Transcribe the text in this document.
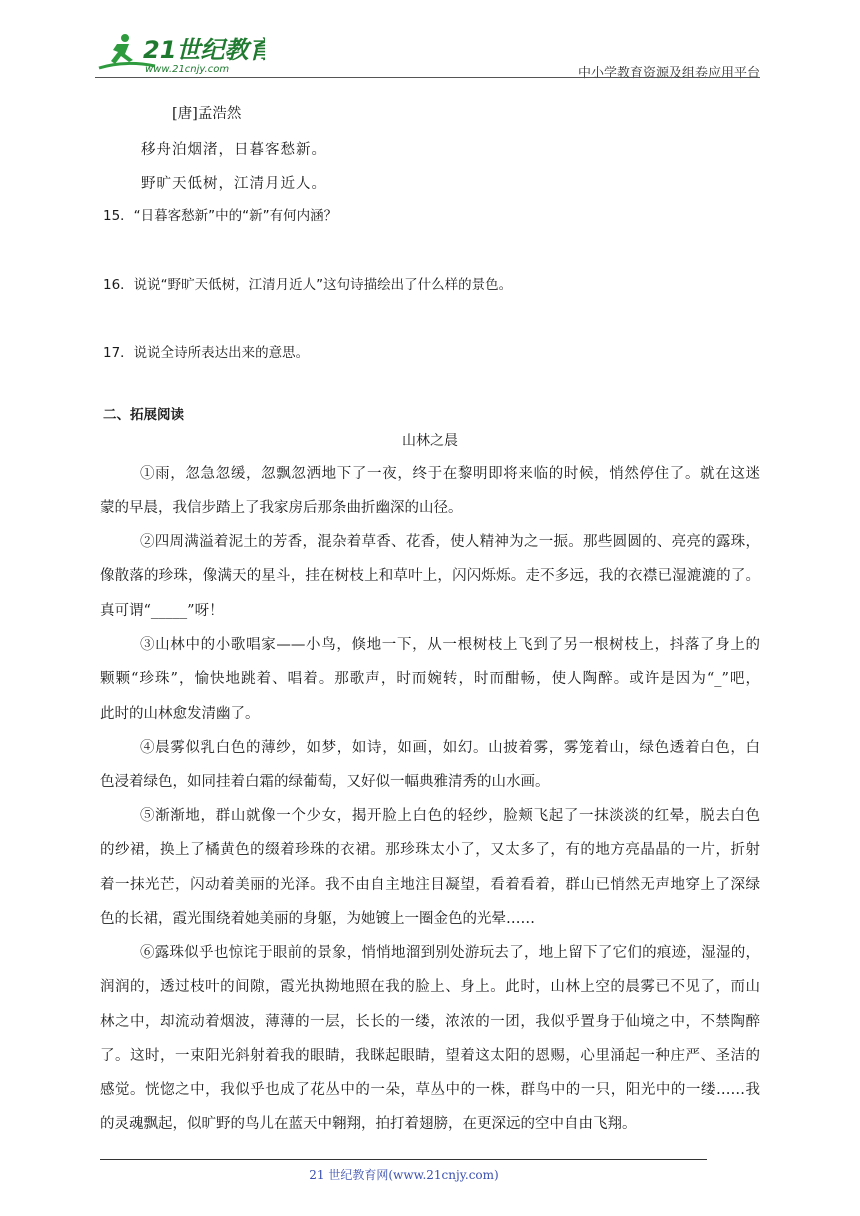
21世纪教育
www.21cnjy.com	中小学教育资源及组卷应用平台
[唐]孟浩然
移舟泊烟渚，日暮客愁新。
野旷天低树，江清月近人。
15．“日暮客愁新”中的“新”有何内涵？
16．说说“野旷天低树，江清月近人”这句诗描绘出了什么样的景色。
17．说说全诗所表达出来的意思。
二、拓展阅读
山林之晨
①雨，忽急忽缓，忽飘忽洒地下了一夜，终于在黎明即将来临的时候，悄然停住了。就在这迷
蒙的早晨，我信步踏上了我家房后那条曲折幽深的山径。
②四周满溢着泥土的芳香，混杂着草香、花香，使人精神为之一振。那些圆圆的、亮亮的露珠，
像散落的珍珠，像满天的星斗，挂在树枝上和草叶上，闪闪烁烁。走不多远，我的衣襟已湿漉漉的了。
真可谓“_____”呀！
③山林中的小歌唱家——小鸟，倏地一下，从一根树枝上飞到了另一根树枝上，抖落了身上的
颗颗“珍珠”，愉快地跳着、唱着。那歌声，时而婉转，时而酣畅，使人陶醉。或许是因为“_”吧，
此时的山林愈发清幽了。
④晨雾似乳白色的薄纱，如梦，如诗，如画，如幻。山披着雾，雾笼着山，绿色透着白色，白
色浸着绿色，如同挂着白霜的绿葡萄，又好似一幅典雅清秀的山水画。
⑤渐渐地，群山就像一个少女，揭开脸上白色的轻纱，脸颊飞起了一抹淡淡的红晕，脱去白色
的纱裙，换上了橘黄色的缀着珍珠的衣裙。那珍珠太小了，又太多了，有的地方亮晶晶的一片，折射
着一抹光芒，闪动着美丽的光泽。我不由自主地注目凝望，看着看着，群山已悄然无声地穿上了深绿
色的长裙，霞光围绕着她美丽的身躯，为她镀上一圈金色的光晕……
⑥露珠似乎也惊诧于眼前的景象，悄悄地溜到别处游玩去了，地上留下了它们的痕迹，湿湿的，
润润的，透过枝叶的间隙，霞光执拗地照在我的脸上、身上。此时，山林上空的晨雾已不见了，而山
林之中，却流动着烟波，薄薄的一层，长长的一缕，浓浓的一团，我似乎置身于仙境之中，不禁陶醉
了。这时，一束阳光斜射着我的眼睛，我眯起眼睛，望着这太阳的恩赐，心里涌起一种庄严、圣洁的
感觉。恍惚之中，我似乎也成了花丛中的一朵，草丛中的一株，群鸟中的一只，阳光中的一缕……我
的灵魂飘起，似旷野的鸟儿在蓝天中翱翔，拍打着翅膀，在更深远的空中自由飞翔。
21 世纪教育网(www.21cnjy.com)
